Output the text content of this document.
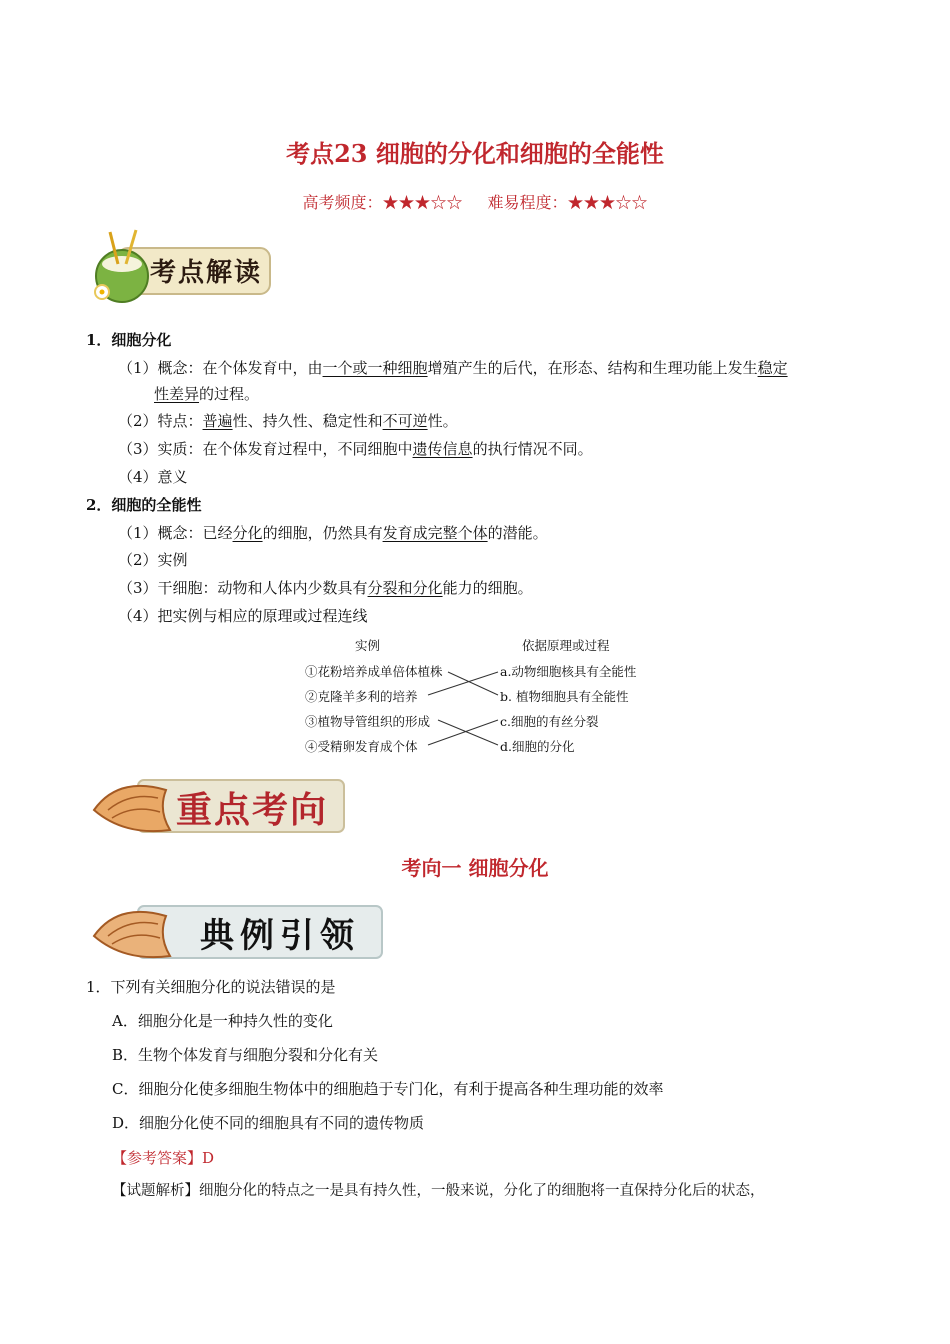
考点23 细胞的分化和细胞的全能性
高考频度：★★★☆☆ 难易程度：★★★☆☆
考点解读
1．细胞分化
（1）概念：在个体发育中，由一个或一种细胞增殖产生的后代，在形态、结构和生理功能上发生稳定
性差异的过程。
（2）特点：普遍性、持久性、稳定性和不可逆性。
（3）实质：在个体发育过程中，不同细胞中遗传信息的执行情况不同。
（4）意义
2．细胞的全能性
（1）概念：已经分化的细胞，仍然具有发育成完整个体的潜能。
（2）实例
（3）干细胞：动物和人体内少数具有分裂和分化能力的细胞。
（4）把实例与相应的原理或过程连线
实例	依据原理或过程
①花粉培养成单倍体植株
②克隆羊多利的培养
③植物导管组织的形成
④受精卵发育成个体
a.动物细胞核具有全能性
b. 植物细胞具有全能性
c.细胞的有丝分裂
d.细胞的分化
重点考向
考向一 细胞分化
典例引领
1．下列有关细胞分化的说法错误的是
A．细胞分化是一种持久性的变化
B．生物个体发育与细胞分裂和分化有关
C．细胞分化使多细胞生物体中的细胞趋于专门化，有利于提高各种生理功能的效率
D．细胞分化使不同的细胞具有不同的遗传物质
【参考答案】D
【试题解析】细胞分化的特点之一是具有持久性，一般来说，分化了的细胞将一直保持分化后的状态，
